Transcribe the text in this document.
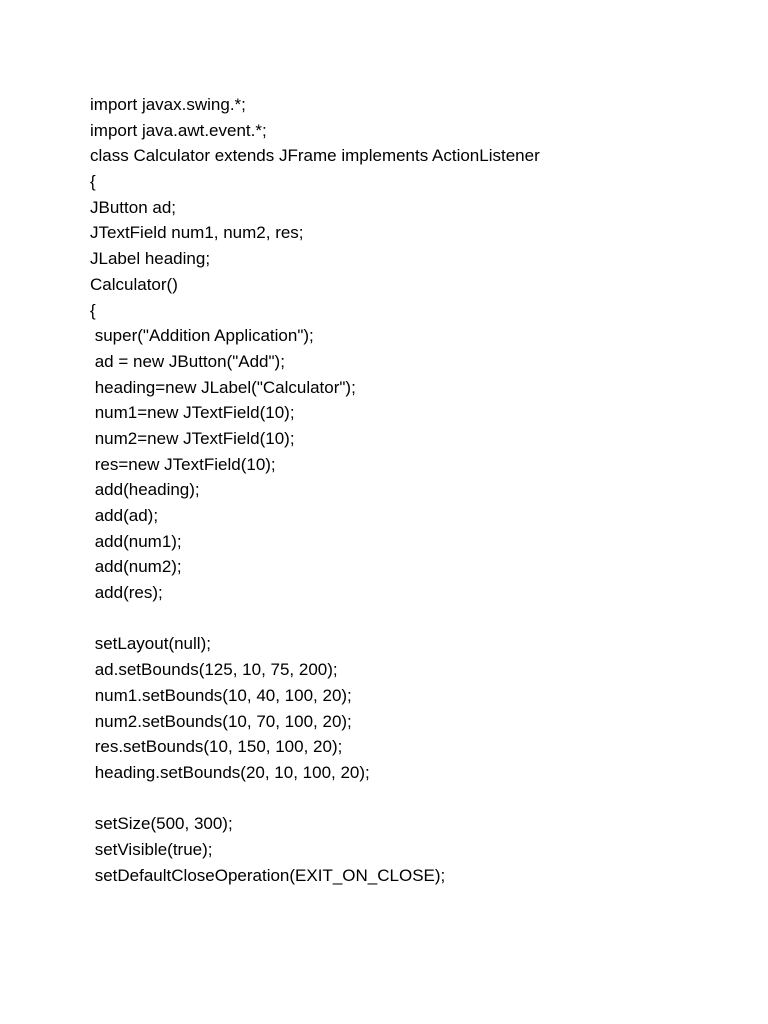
import javax.swing.*;
import java.awt.event.*;
class Calculator extends JFrame implements ActionListener
{
JButton ad;
JTextField num1, num2, res;
JLabel heading;
Calculator()
{
super("Addition Application");
ad = new JButton("Add");
heading=new JLabel("Calculator");
num1=new JTextField(10);
num2=new JTextField(10);
res=new JTextField(10);
add(heading);
add(ad);
add(num1);
add(num2);
add(res);
setLayout(null);
ad.setBounds(125, 10, 75, 200);
num1.setBounds(10, 40, 100, 20);
num2.setBounds(10, 70, 100, 20);
res.setBounds(10, 150, 100, 20);
heading.setBounds(20, 10, 100, 20);
setSize(500, 300);
setVisible(true);
setDefaultCloseOperation(EXIT_ON_CLOSE);
